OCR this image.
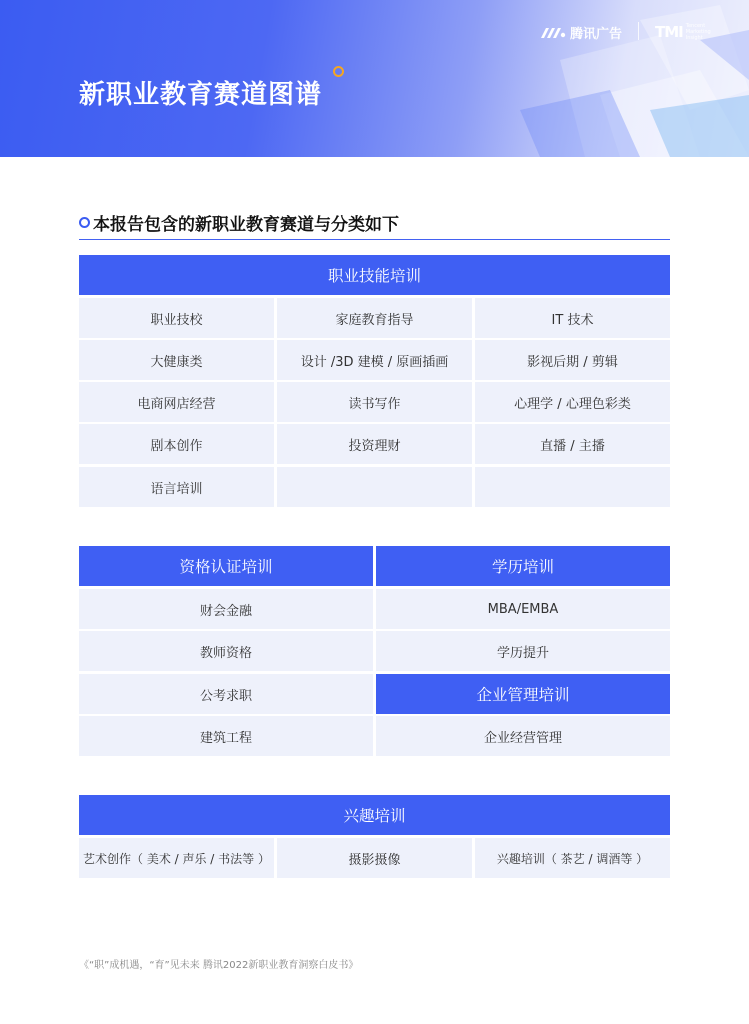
新职业教育赛道图谱
腾讯广告 TMI Tencent Marketing Insight
本报告包含的新职业教育赛道与分类如下
职业技能培训
职业技校	家庭教育指导	IT 技术
大健康类	设计 /3D 建模 / 原画插画	影视后期 / 剪辑
电商网店经营	读书写作	心理学 / 心理色彩类
剧本创作	投资理财	直播 / 主播
语言培训
资格认证培训	学历培训
财会金融	MBA/EMBA
教师资格	学历提升
公考求职	企业管理培训
建筑工程	企业经营管理
兴趣培训
艺术创作（ 美术 / 声乐 / 书法等 ）	摄影摄像	兴趣培训（ 茶艺 / 调酒等 ）
《“职”成机遇，“育”见未来 腾讯2022新职业教育洞察白皮书》
